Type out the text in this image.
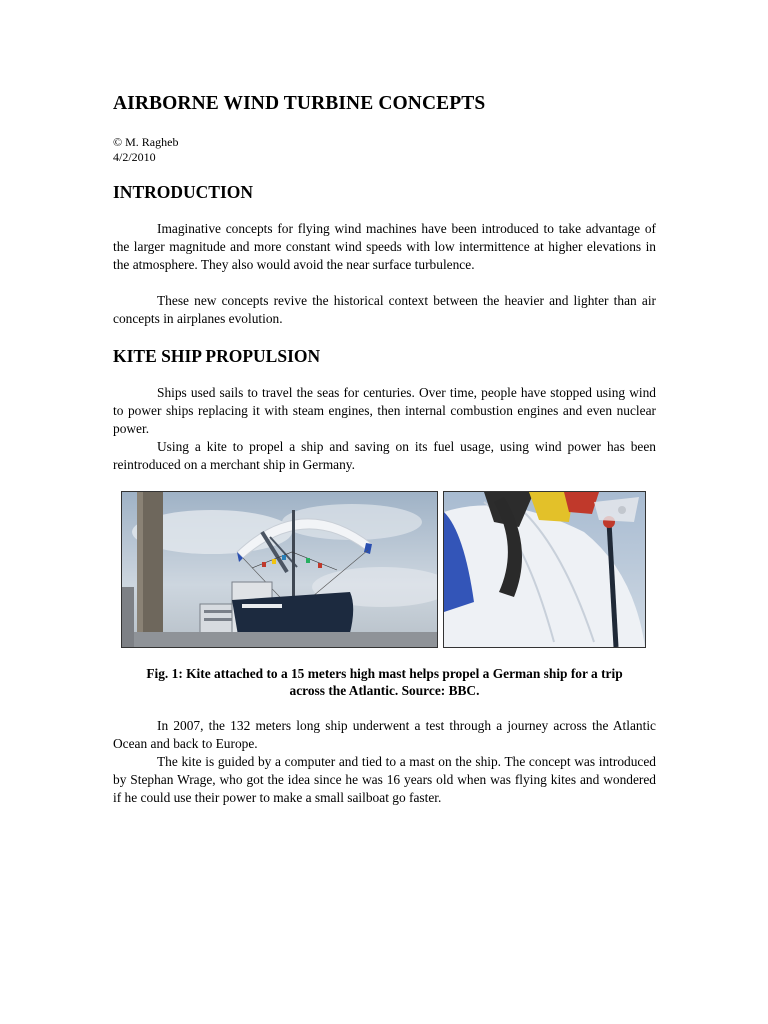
AIRBORNE WIND TURBINE CONCEPTS
© M. Ragheb
4/2/2010
INTRODUCTION

Imaginative concepts for flying wind machines have been introduced to take advantage of the larger magnitude and more constant wind speeds with low intermittence at higher elevations in the atmosphere. They also would avoid the near surface turbulence.

These new concepts revive the historical context between the heavier and lighter than air concepts in airplanes evolution.

KITE SHIP PROPULSION

Ships used sails to travel the seas for centuries. Over time, people have stopped using wind to power ships replacing it with steam engines, then internal combustion engines and even nuclear power.

Using a kite to propel a ship and saving on its fuel usage, using wind power has been reintroduced on a merchant ship in Germany.

Fig. 1: Kite attached to a 15 meters high mast helps propel a German ship for a trip
across the Atlantic. Source: BBC.

In 2007, the 132 meters long ship underwent a test through a journey across the Atlantic Ocean and back to Europe.

The kite is guided by a computer and tied to a mast on the ship. The concept was introduced by Stephan Wrage, who got the idea since he was 16 years old when was flying kites and wondered if he could use their power to make a small sailboat go faster.
